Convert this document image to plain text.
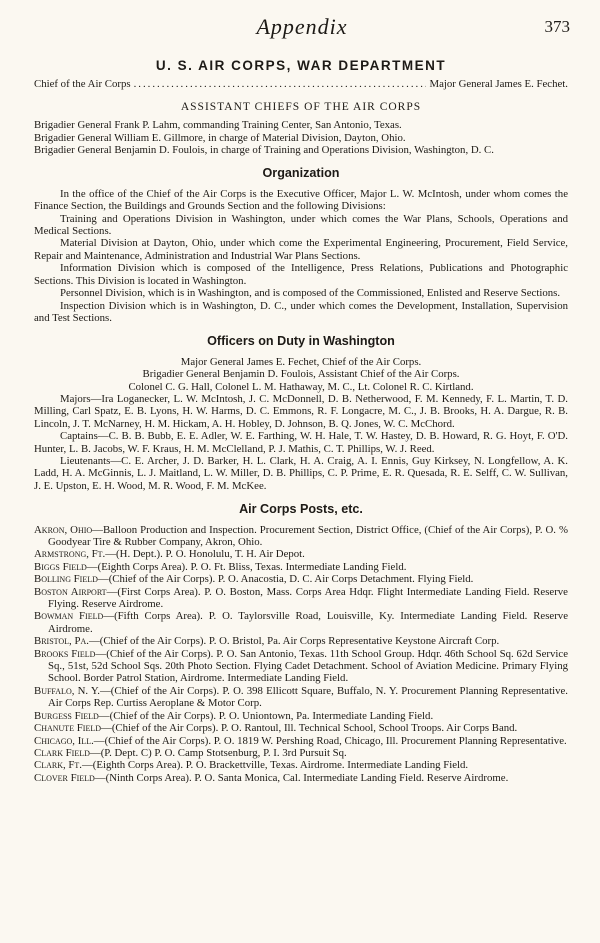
Appendix	373
U. S. AIR CORPS, WAR DEPARTMENT
Chief of the Air Corps
.....	Major General James E. Fechet.
ASSISTANT CHIEFS OF THE AIR CORPS

Brigadier General Frank P. Lahm, commanding Training Center, San Antonio, Texas.

Brigadier General William E. Gillmore, in charge of Material Division, Dayton, Ohio.

Brigadier General Benjamin D. Foulois, in charge of Training and Operations Division, Washington, D. C.

Organization

In the office of the Chief of the Air Corps is the Executive Officer, Major L. W. McIntosh, under whom comes the Finance Section, the Buildings and Grounds Section and the following Divisions:

Training and Operations Division in Washington, under which comes the War Plans, Schools, Operations and Medical Sections.

Material Division at Dayton, Ohio, under which come the Experimental Engineering, Procurement, Field Service, Repair and Maintenance, Administration and Industrial War Plans Sections.

Information Division which is composed of the Intelligence, Press Relations, Publications and Photographic Sections. This Division is located in Washington.

Personnel Division, which is in Washington, and is composed of the Commissioned, Enlisted and Reserve Sections.

Inspection Division which is in Washington, D. C., under which comes the Development, Installation, Supervision and Test Sections.

Officers on Duty in Washington

Major General James E. Fechet, Chief of the Air Corps.

Brigadier General Benjamin D. Foulois, Assistant Chief of the Air Corps.

Colonel C. G. Hall, Colonel L. M. Hathaway, M. C., Lt. Colonel R. C. Kirtland.

Majors—Ira Loganecker, L. W. McIntosh, J. C. McDonnell, D. B. Netherwood, F. M. Kennedy, F. L. Martin, T. D. Milling, Carl Spatz, E. B. Lyons, H. W. Harms, D. C. Emmons, R. F. Longacre, M. C., J. B. Brooks, H. A. Dargue, R. B. Lincoln, J. T. McNarney, H. M. Hickam, A. H. Hobley, D. Johnson, B. Q. Jones, W. C. McChord.

Captains—C. B. B. Bubb, E. E. Adler, W. E. Farthing, W. H. Hale, T. W. Hastey, D. B. Howard, R. G. Hoyt, F. O'D. Hunter, L. B. Jacobs, W. F. Kraus, H. M. McClelland, P. J. Mathis, C. T. Phillips, W. J. Reed.

Lieutenants—C. E. Archer, J. D. Barker, H. L. Clark, H. A. Craig, A. I. Ennis, Guy Kirksey, N. Longfellow, A. K. Ladd, H. A. McGinnis, L. J. Maitland, L. W. Miller, D. B. Phillips, C. P. Prime, E. R. Quesada, R. E. Selff, C. W. Sullivan, J. E. Upston, E. H. Wood, M. R. Wood, F. M. McKee.

Air Corps Posts, etc.

Akron, Ohio—Balloon Production and Inspection. Procurement Section, District Office, (Chief of the Air Corps), P. O. % Goodyear Tire & Rubber Company, Akron, Ohio.

Armstrong, Ft.—(H. Dept.). P. O. Honolulu, T. H. Air Depot.

Biggs Field—(Eighth Corps Area). P. O. Ft. Bliss, Texas. Intermediate Landing Field.

Bolling Field—(Chief of the Air Corps). P. O. Anacostia, D. C. Air Corps Detachment. Flying Field.

Boston Airport—(First Corps Area). P. O. Boston, Mass. Corps Area Hdqr. Flight Intermediate Landing Field. Reserve Flying. Reserve Airdrome.

Bowman Field—(Fifth Corps Area). P. O. Taylorsville Road, Louisville, Ky. Intermediate Landing Field. Reserve Airdrome.

Bristol, Pa.—(Chief of the Air Corps). P. O. Bristol, Pa. Air Corps Representative Keystone Aircraft Corp.

Brooks Field—(Chief of the Air Corps). P. O. San Antonio, Texas. 11th School Group. Hdqr. 46th School Sq. 62d Service Sq., 51st, 52d School Sqs. 20th Photo Section. Flying Cadet Detachment. School of Aviation Medicine. Primary Flying School. Border Patrol Station, Airdrome. Intermediate Landing Field.

Buffalo, N. Y.—(Chief of the Air Corps). P. O. 398 Ellicott Square, Buffalo, N. Y. Procurement Planning Representative. Air Corps Rep. Curtiss Aeroplane & Motor Corp.

Burgess Field—(Chief of the Air Corps). P. O. Uniontown, Pa. Intermediate Landing Field.

Chanute Field—(Chief of the Air Corps). P. O. Rantoul, Ill. Technical School, School Troops. Air Corps Band.

Chicago, Ill.—(Chief of the Air Corps). P. O. 1819 W. Pershing Road, Chicago, Ill. Procurement Planning Representative.

Clark Field—(P. Dept. C) P. O. Camp Stotsenburg, P. I. 3rd Pursuit Sq.

Clark, Ft.—(Eighth Corps Area). P. O. Brackettville, Texas. Airdrome. Intermediate Landing Field.

Clover Field—(Ninth Corps Area). P. O. Santa Monica, Cal. Intermediate Landing Field. Reserve Airdrome.
